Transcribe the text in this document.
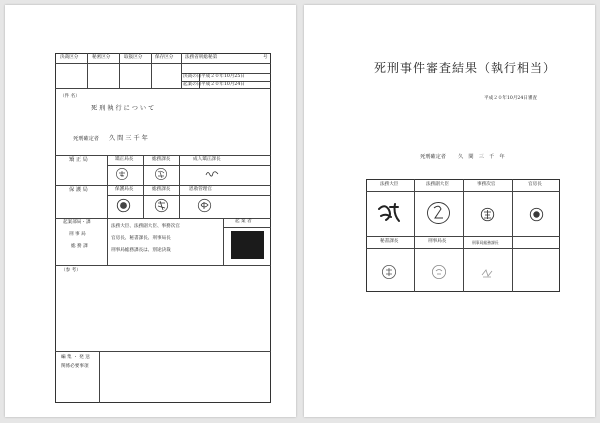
決裁区分	秘密区分	取扱区分	保存区分	法務省刑総秘第	号
決裁の日 平成２０年10月25日
起案の日 平成２０年10月24日
（件 名）
死 刑 執 行 に つ い て
死刑確定者 久 間 三 千 年
矯 正 局	矯正局長	総務課長	成人矯正課長
保 護 局	保護局長	総務課長	恩赦管理官
起案部局・課
刑 事 局
総 務 課
法務大臣、法務副大臣、事務次官
官房長、秘書課長、刑事局長
刑事局総務課長は、別途決裁
起 案 者
（参 考）
編 集 ・ 発 送
関係必要事項
死刑事件審査結果（執行相当）
平成２０年10月24日審査
死刑確定者 久　間　三　千　年
法務大臣	法務副大臣	事務次官	官房長
秘書課長	刑事局長	刑事局総務課長
